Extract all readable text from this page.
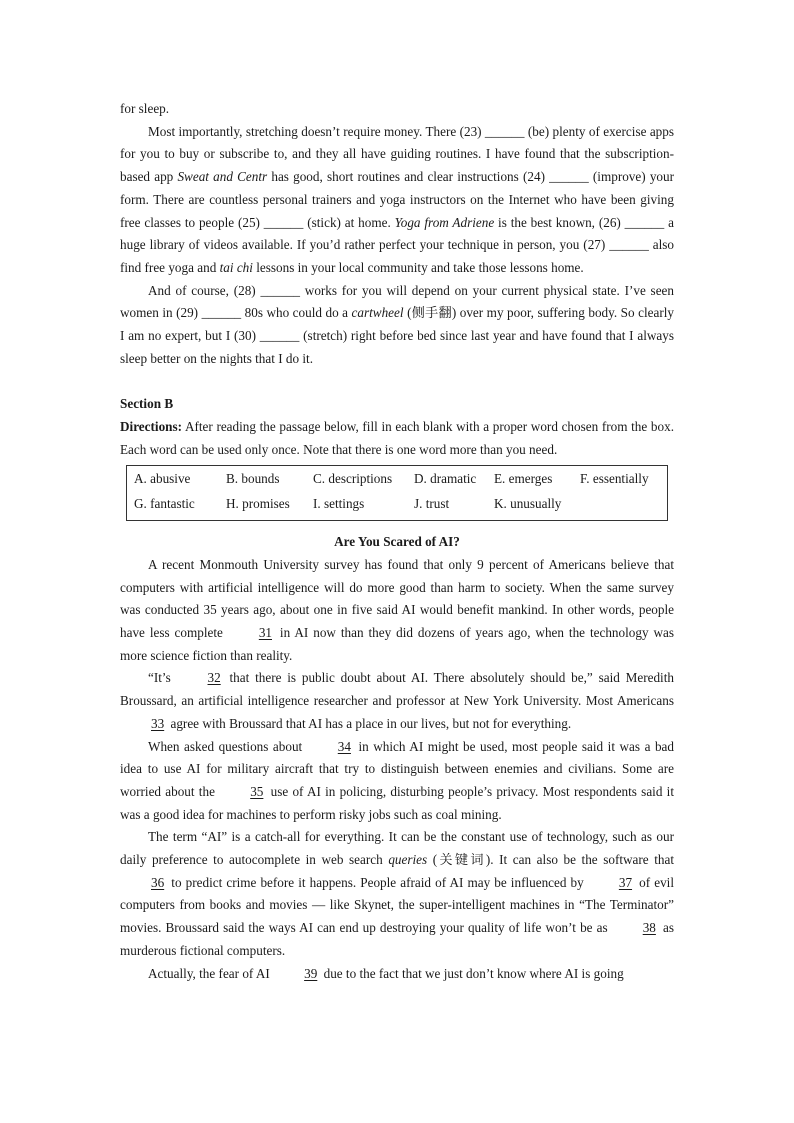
for sleep.

Most importantly, stretching doesn’t require money. There (23) ______ (be) plenty of exercise apps for you to buy or subscribe to, and they all have guiding routines. I have found that the subscription-based app Sweat and Centr has good, short routines and clear instructions (24) ______ (improve) your form. There are countless personal trainers and yoga instructors on the Internet who have been giving free classes to people (25) ______ (stick) at home. Yoga from Adriene is the best known, (26) ______ a huge library of videos available. If you’d rather perfect your technique in person, you (27) ______ also find free yoga and tai chi lessons in your local community and take those lessons home.

And of course, (28) ______ works for you will depend on your current physical state. I’ve seen women in (29) ______ 80s who could do a cartwheel (侧手翻) over my poor, suffering body. So clearly I am no expert, but I (30) ______ (stretch) right before bed since last year and have found that I always sleep better on the nights that I do it.

Section B

Directions: After reading the passage below, fill in each blank with a proper word chosen from the box. Each word can be used only once. Note that there is one word more than you need.

A. abusive	B. bounds	C. descriptions	D. dramatic	E. emerges	F. essentially
G. fantastic	H. promises	I. settings	J. trust	K. unusually

Are You Scared of AI?

A recent Monmouth University survey has found that only 9 percent of Americans believe that computers with artificial intelligence will do more good than harm to society. When the same survey was conducted 35 years ago, about one in five said AI would benefit mankind. In other words, people have less complete 31 in AI now than they did dozens of years ago, when the technology was more science fiction than reality.

“It’s 32 that there is public doubt about AI. There absolutely should be,” said Meredith Broussard, an artificial intelligence researcher and professor at New York University. Most Americans 33 agree with Broussard that AI has a place in our lives, but not for everything.

When asked questions about 34 in which AI might be used, most people said it was a bad idea to use AI for military aircraft that try to distinguish between enemies and civilians. Some are worried about the 35 use of AI in policing, disturbing people’s privacy. Most respondents said it was a good idea for machines to perform risky jobs such as coal mining.

The term “AI” is a catch-all for everything. It can be the constant use of technology, such as our daily preference to autocomplete in web search queries (关键词). It can also be the software that 36 to predict crime before it happens. People afraid of AI may be influenced by 37 of evil computers from books and movies — like Skynet, the super-intelligent machines in “The Terminator” movies. Broussard said the ways AI can end up destroying your quality of life won’t be as 38 as murderous fictional computers.

Actually, the fear of AI 39 due to the fact that we just don’t know where AI is going
